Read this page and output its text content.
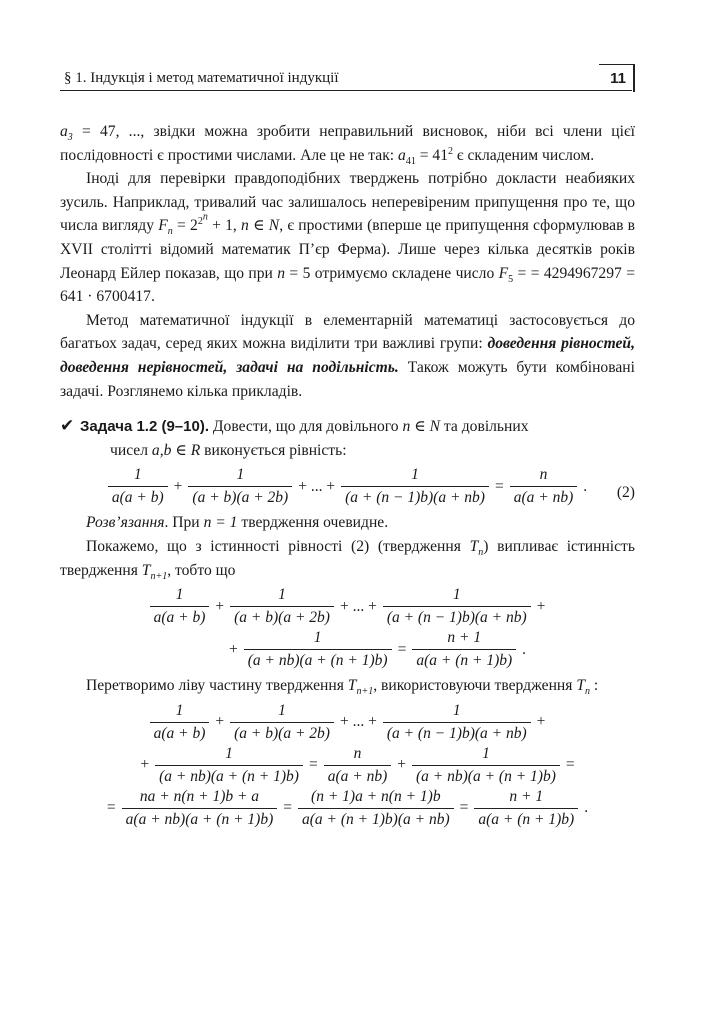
§ 1. Індукція і метод математичної індукції	11

$a_3 = 47$, ..., звідки можна зробити неправильний висновок, ніби всі члени цієї послідовності є простими числами. Але це не так: $a_{41} = 41^2$ є складеним числом.

Іноді для перевірки правдоподібних тверджень потрібно докласти неабияких зусиль. Наприклад, тривалий час залишалось неперевіреним припущення про те, що числа вигляду $F_n = 2^{2^n} + 1$, n ∈ N, є простими (вперше це припущення сформулював в XVII столітті відомий математик П’єр Ферма). Лише через кілька десятків років Леонард Ейлер показав, що при n = 5 отримуємо складене число $F_5$ = = 4294967297 = 641 · 6700417.

Метод математичної індукції в елементарній математиці застосовується до багатьох задач, серед яких можна виділити три важливі групи: доведення рівностей, доведення нерівностей, задачі на подільність. Також можуть бути комбіновані задачі. Розглянемо кілька прикладів.

✔ Задача 1.2 (9–10). Довести, що для довільного n ∈ N та довільних
чисел a,b ∈ R виконується рівність:
$\frac{1}{a(a + b)} + \frac{1}{(a + b)(a + 2b)}$ + ... + $\frac{1}{(a + (n - 1)b)(a + nb)} = \frac{n}{a(a + nb)}$ . (2)

Розв’язання. При n = 1 твердження очевидне.

Покажемо, що з істинності рівності (2) (твердження $T_n$) випливає істинність твердження $T_{n+1}$, тобто що

$\frac{1}{a(a + b)} + \frac{1}{(a + b)(a + 2b)}$ + ... + $\frac{1}{(a + (n - 1)b)(a + nb)}$ +
+ $\frac{1}{(a + nb)(a + (n + 1)b)} = \frac{n + 1}{a(a + (n + 1)b)}$ .

Перетворимо ліву частину твердження $T_{n+1}$, використовуючи твердження $T_n$ :

$\frac{1}{a(a + b)} + \frac{1}{(a + b)(a + 2b)}$ + ... + $\frac{1}{(a + (n - 1)b)(a + nb)}$ +
+ $\frac{1}{(a + nb)(a + (n + 1)b)} = \frac{n}{a(a + nb)} + \frac{1}{(a + nb)(a + (n + 1)b)}$ =
= $\frac{na + n(n + 1)b + a}{a(a + nb)(a + (n + 1)b)} = \frac{(n + 1)a + n(n + 1)b}{a(a + (n + 1)b)(a + nb)} = \frac{n + 1}{a(a + (n + 1)b)}$ .
